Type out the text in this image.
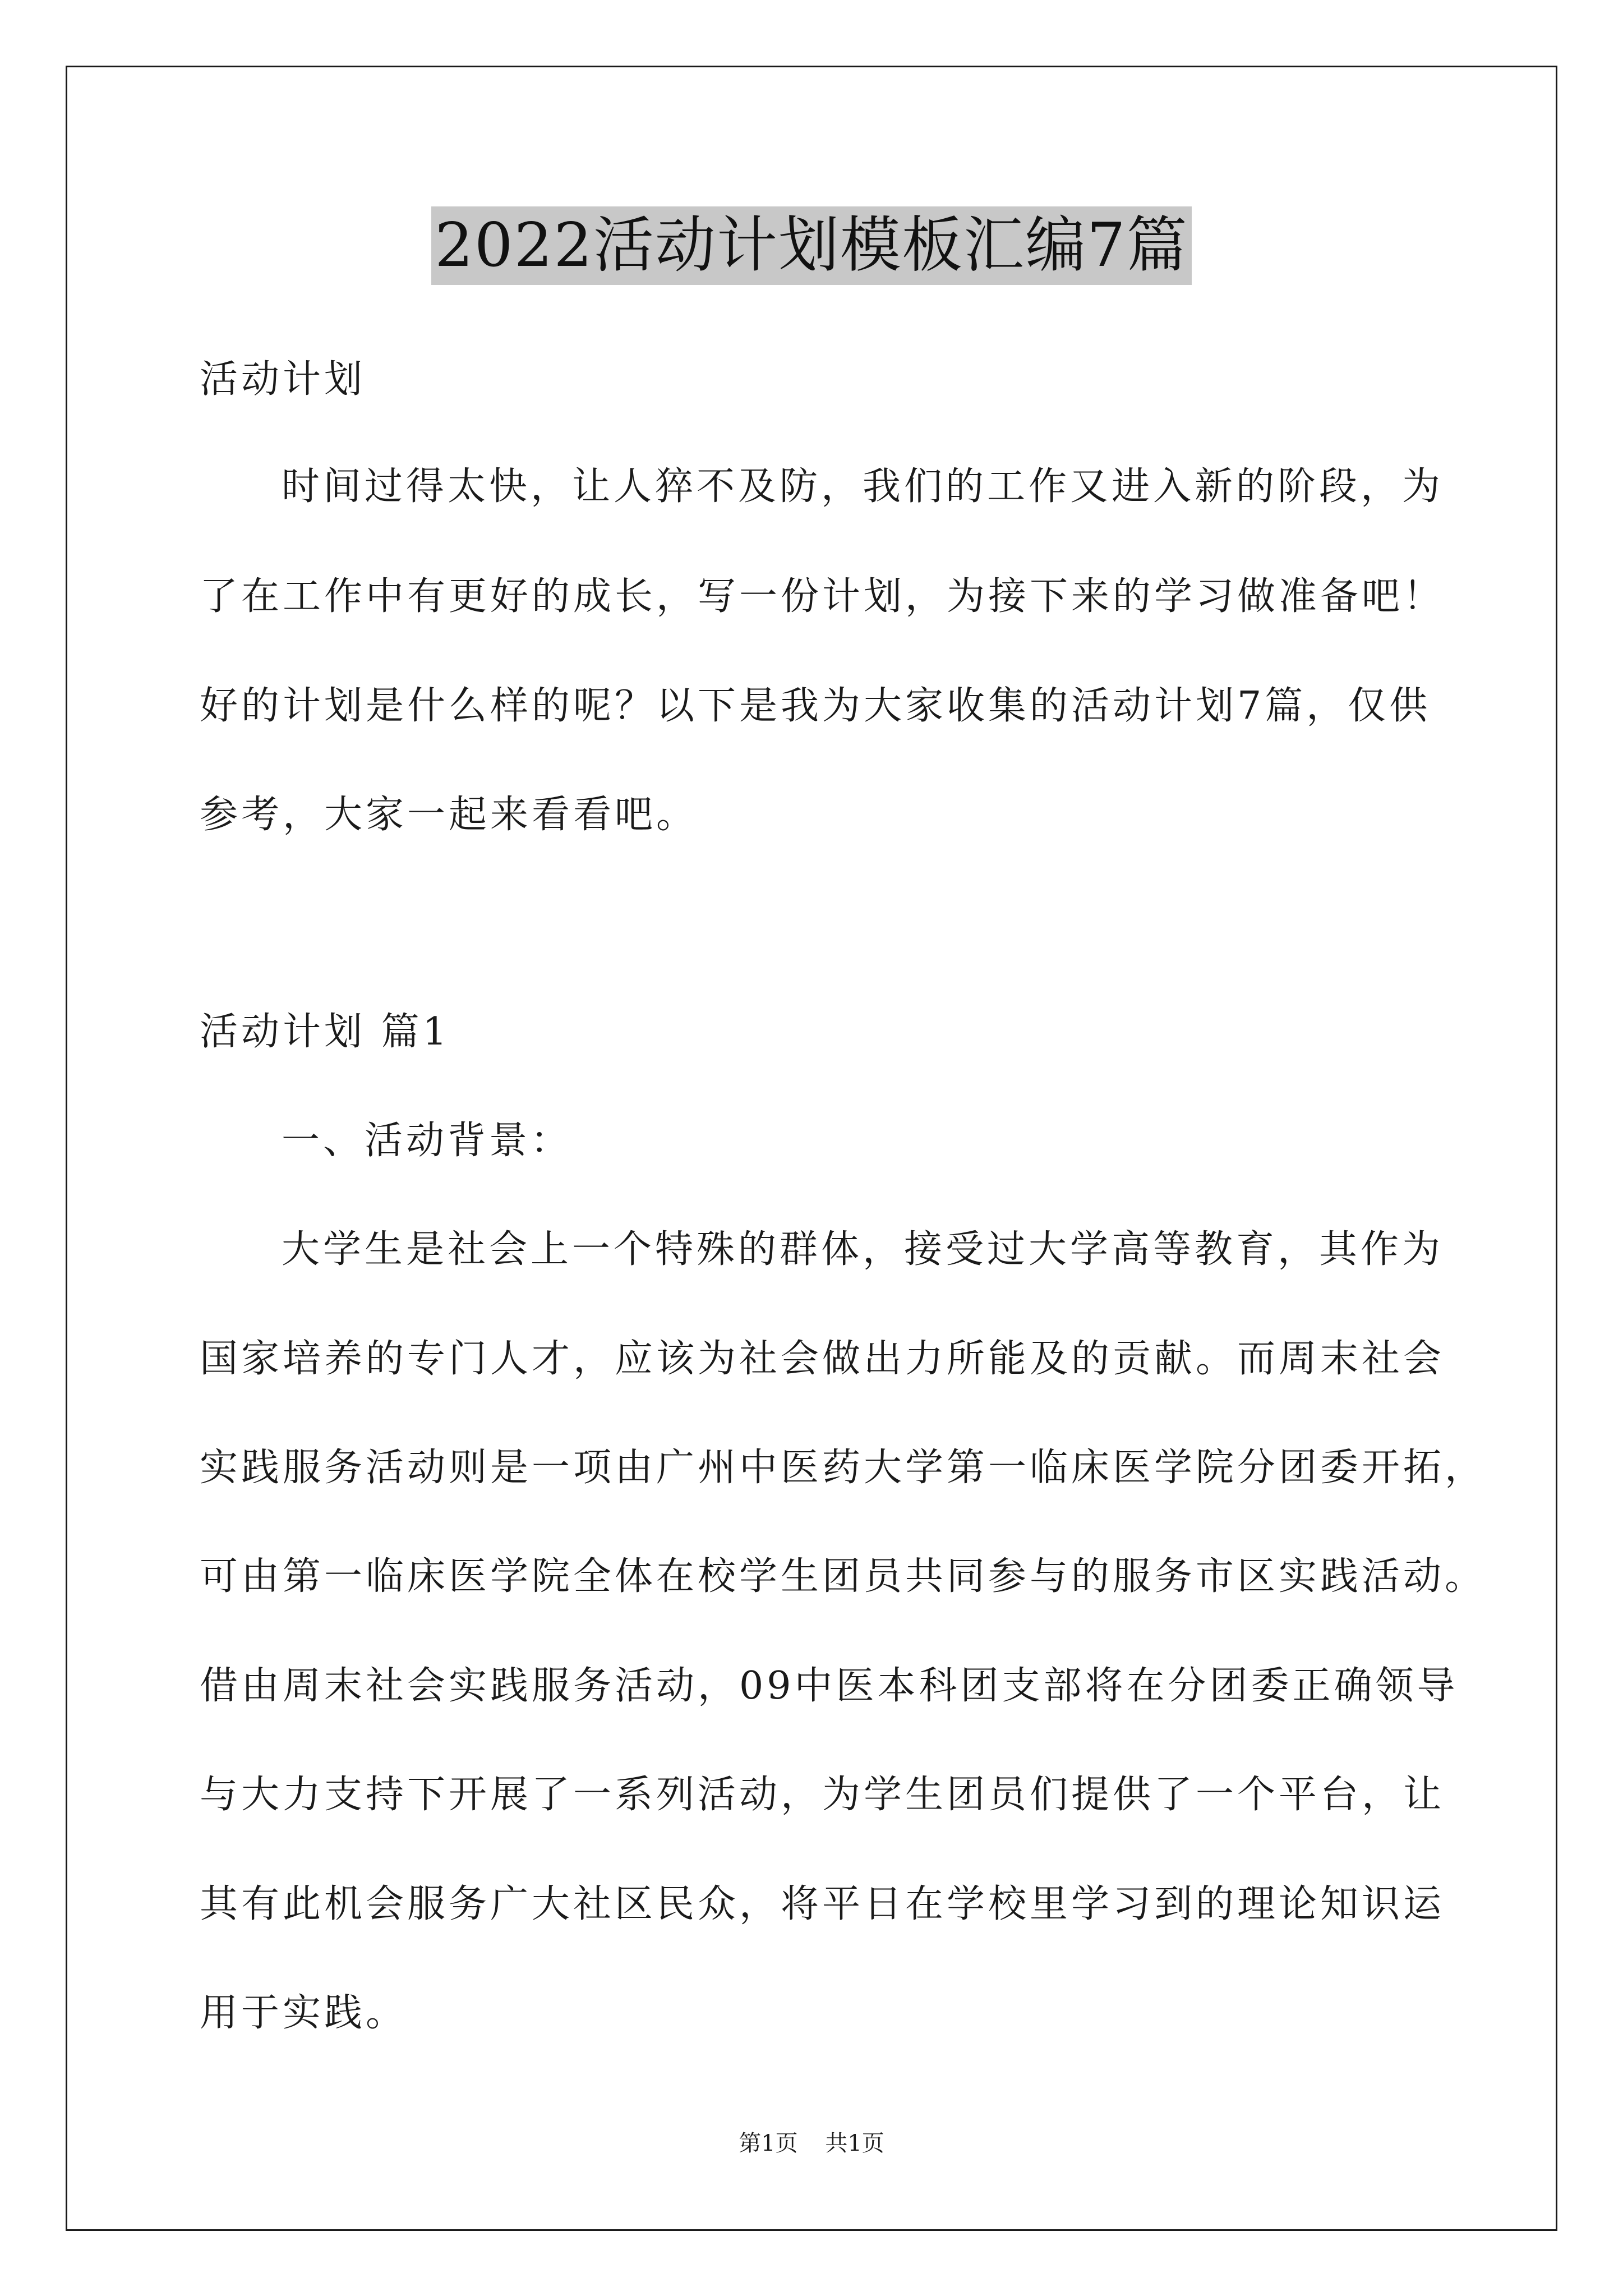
2022活动计划模板汇编7篇
活动计划
时间过得太快，让人猝不及防，我们的工作又进入新的阶段，为
了在工作中有更好的成长，写一份计划，为接下来的学习做准备吧！
好的计划是什么样的呢？以下是我为大家收集的活动计划7篇，仅供
参考，大家一起来看看吧。
活动计划 篇1
一、活动背景：
大学生是社会上一个特殊的群体，接受过大学高等教育，其作为
国家培养的专门人才，应该为社会做出力所能及的贡献。而周末社会
实践服务活动则是一项由广州中医药大学第一临床医学院分团委开拓，
可由第一临床医学院全体在校学生团员共同参与的服务市区实践活动。
借由周末社会实践服务活动，09中医本科团支部将在分团委正确领导
与大力支持下开展了一系列活动，为学生团员们提供了一个平台，让
其有此机会服务广大社区民众，将平日在学校里学习到的理论知识运
用于实践。
第1页 共1页
